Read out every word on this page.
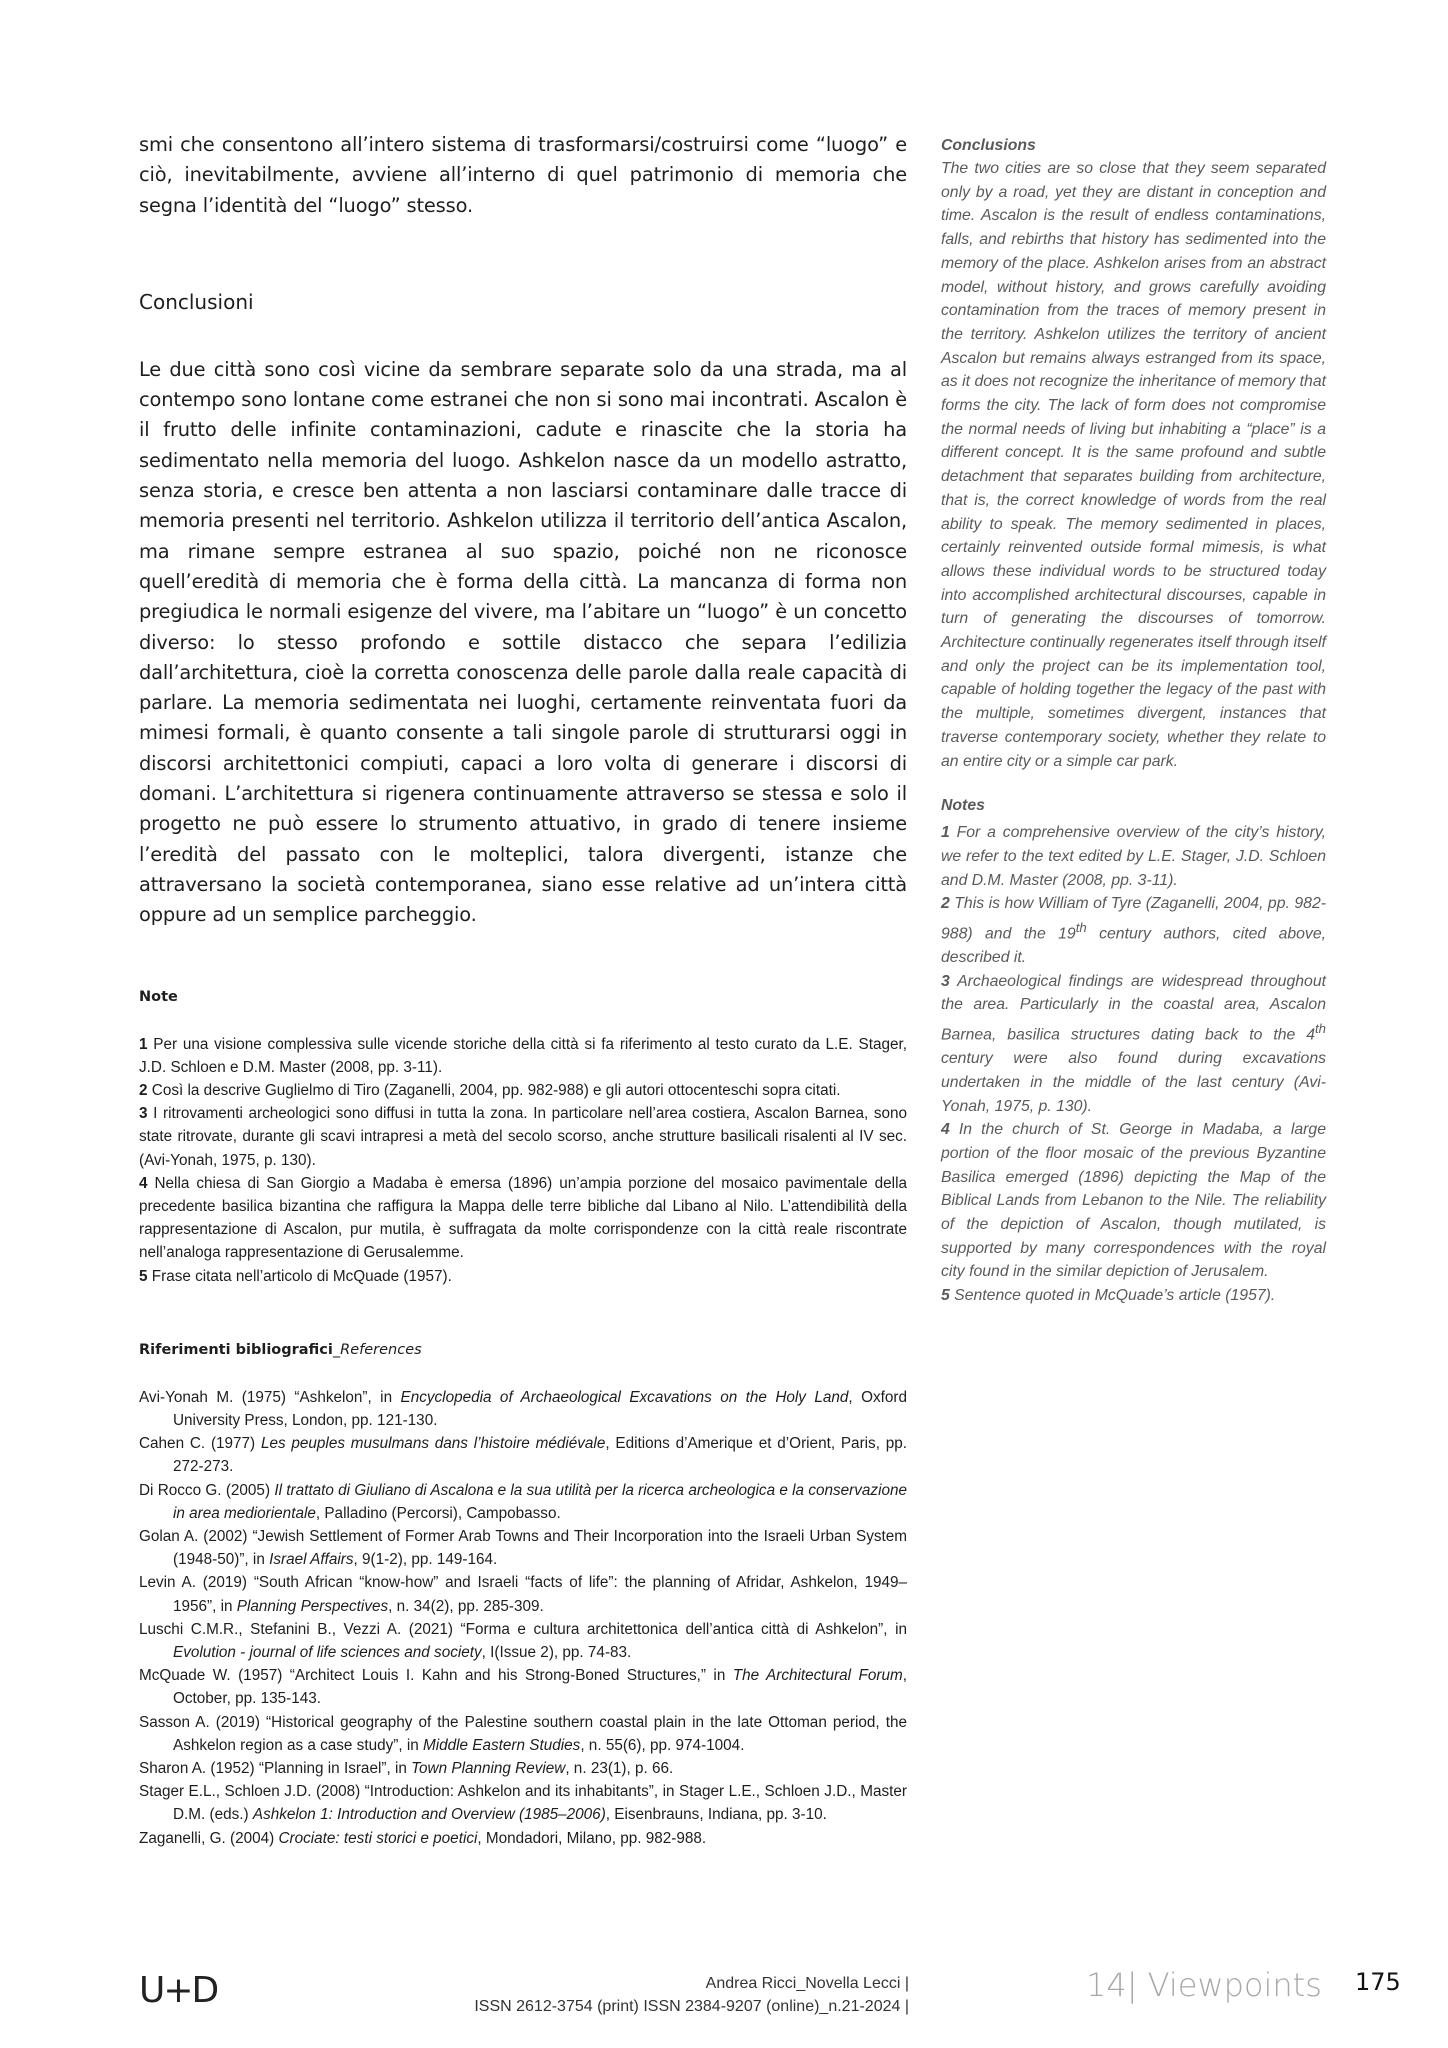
smi che consentono all’intero sistema di trasformarsi/costruirsi come “luogo” e ciò, inevitabilmente, avviene all’interno di quel patrimonio di memoria che segna l’identità del “luogo” stesso.

Conclusioni

Le due città sono così vicine da sembrare separate solo da una strada, ma al contempo sono lontane come estranei che non si sono mai incontrati. Ascalon è il frutto delle infinite contaminazioni, cadute e rinascite che la storia ha sedimentato nella memoria del luogo. Ashkelon nasce da un modello astratto, senza storia, e cresce ben attenta a non lasciarsi contaminare dalle tracce di memoria presenti nel territorio. Ashkelon utilizza il territorio dell’antica Ascalon, ma rimane sempre estranea al suo spazio, poiché non ne riconosce quell’eredità di memoria che è forma della città. La mancanza di forma non pregiudica le normali esigenze del vivere, ma l’abitare un “luogo” è un concetto diverso: lo stesso profondo e sottile distacco che separa l’edilizia dall’architettura, cioè la corretta conoscenza delle parole dalla reale capacità di parlare. La memoria sedimentata nei luoghi, certamente reinventata fuori da mimesi formali, è quanto consente a tali singole parole di strutturarsi oggi in discorsi architettonici compiuti, capaci a loro volta di generare i discorsi di domani. L’architettura si rigenera continuamente attraverso se stessa e solo il progetto ne può essere lo strumento attuativo, in grado di tenere insieme l’eredità del passato con le molteplici, talora divergenti, istanze che attraversano la società contemporanea, siano esse relative ad un’intera città oppure ad un semplice parcheggio.

Note
1 Per una visione complessiva sulle vicende storiche della città si fa riferimento al testo curato da L.E. Stager, J.D. Schloen e D.M. Master (2008, pp. 3-11).
2 Così la descrive Guglielmo di Tiro (Zaganelli, 2004, pp. 982-988) e gli autori ottocenteschi sopra citati.
3 I ritrovamenti archeologici sono diffusi in tutta la zona. In particolare nell’area costiera, Ascalon Barnea, sono state ritrovate, durante gli scavi intrapresi a metà del secolo scorso, anche strutture basilicali risalenti al IV sec. (Avi-Yonah, 1975, p. 130).
4 Nella chiesa di San Giorgio a Madaba è emersa (1896) un’ampia porzione del mosaico pavimentale della precedente basilica bizantina che raffigura la Mappa delle terre bibliche dal Libano al Nilo. L’attendibilità della rappresentazione di Ascalon, pur mutila, è suffragata da molte corrispondenze con la città reale riscontrate nell’analoga rappresentazione di Gerusalemme.
5 Frase citata nell’articolo di McQuade (1957).
Riferimenti bibliografici_References
Avi-Yonah M. (1975) “Ashkelon”, in Encyclopedia of Archaeological Excavations on the Holy Land, Oxford University Press, London, pp. 121-130.
Cahen C. (1977) Les peuples musulmans dans l’histoire médiévale, Editions d’Amerique et d’Orient, Paris, pp. 272-273.
Di Rocco G. (2005) Il trattato di Giuliano di Ascalona e la sua utilità per la ricerca archeologica e la conservazione in area mediorientale, Palladino (Percorsi), Campobasso.
Golan A. (2002) “Jewish Settlement of Former Arab Towns and Their Incorporation into the Israeli Urban System (1948-50)”, in Israel Affairs, 9(1-2), pp. 149-164.
Levin A. (2019) “South African “know-how” and Israeli “facts of life”: the planning of Afridar, Ashkelon, 1949–1956”, in Planning Perspectives, n. 34(2), pp. 285-309.
Luschi C.M.R., Stefanini B., Vezzi A. (2021) “Forma e cultura architettonica dell’antica città di Ashkelon”, in Evolution - journal of life sciences and society, I(Issue 2), pp. 74-83.
McQuade W. (1957) “Architect Louis I. Kahn and his Strong-Boned Structures,” in The Architectural Forum, October, pp. 135-143.
Sasson A. (2019) “Historical geography of the Palestine southern coastal plain in the late Ottoman period, the Ashkelon region as a case study”, in Middle Eastern Studies, n. 55(6), pp. 974-1004.
Sharon A. (1952) “Planning in Israel”, in Town Planning Review, n. 23(1), p. 66.
Stager E.L., Schloen J.D. (2008) “Introduction: Ashkelon and its inhabitants”, in Stager L.E., Schloen J.D., Master D.M. (eds.) Ashkelon 1: Introduction and Overview (1985–2006), Eisenbrauns, Indiana, pp. 3-10.
Zaganelli, G. (2004) Crociate: testi storici e poetici, Mondadori, Milano, pp. 982-988.
Conclusions

The two cities are so close that they seem separated only by a road, yet they are distant in conception and time. Ascalon is the result of endless contaminations, falls, and rebirths that history has sedimented into the memory of the place. Ashkelon arises from an abstract model, without history, and grows carefully avoiding contamination from the traces of memory present in the territory. Ashkelon utilizes the territory of ancient Ascalon but remains always estranged from its space, as it does not recognize the inheritance of memory that forms the city. The lack of form does not compromise the normal needs of living but inhabiting a “place” is a different concept. It is the same profound and subtle detachment that separates building from architecture, that is, the correct knowledge of words from the real ability to speak. The memory sedimented in places, certainly reinvented outside formal mimesis, is what allows these individual words to be structured today into accomplished architectural discourses, capable in turn of generating the discourses of tomorrow. Architecture continually regenerates itself through itself and only the project can be its implementation tool, capable of holding together the legacy of the past with the multiple, sometimes divergent, instances that traverse contemporary society, whether they relate to an entire city or a simple car park.

Notes
1 For a comprehensive overview of the city’s history, we refer to the text edited by L.E. Stager, J.D. Schloen and D.M. Master (2008, pp. 3-11).
2 This is how William of Tyre (Zaganelli, 2004, pp. 982-988) and the 19th century authors, cited above, described it.
3 Archaeological findings are widespread throughout the area. Particularly in the coastal area, Ascalon Barnea, basilica structures dating back to the 4th century were also found during excavations undertaken in the middle of the last century (Avi-Yonah, 1975, p. 130).
4 In the church of St. George in Madaba, a large portion of the floor mosaic of the previous Byzantine Basilica emerged (1896) depicting the Map of the Biblical Lands from Lebanon to the Nile. The reliability of the depiction of Ascalon, though mutilated, is supported by many correspondences with the royal city found in the similar depiction of Jerusalem.
5 Sentence quoted in McQuade’s article (1957).
U+D	Andrea Ricci_Novella Lecci |
ISSN 2612-3754 (print) ISSN 2384-9207 (online)_n.21-2024 |
14| Viewpoints 175
